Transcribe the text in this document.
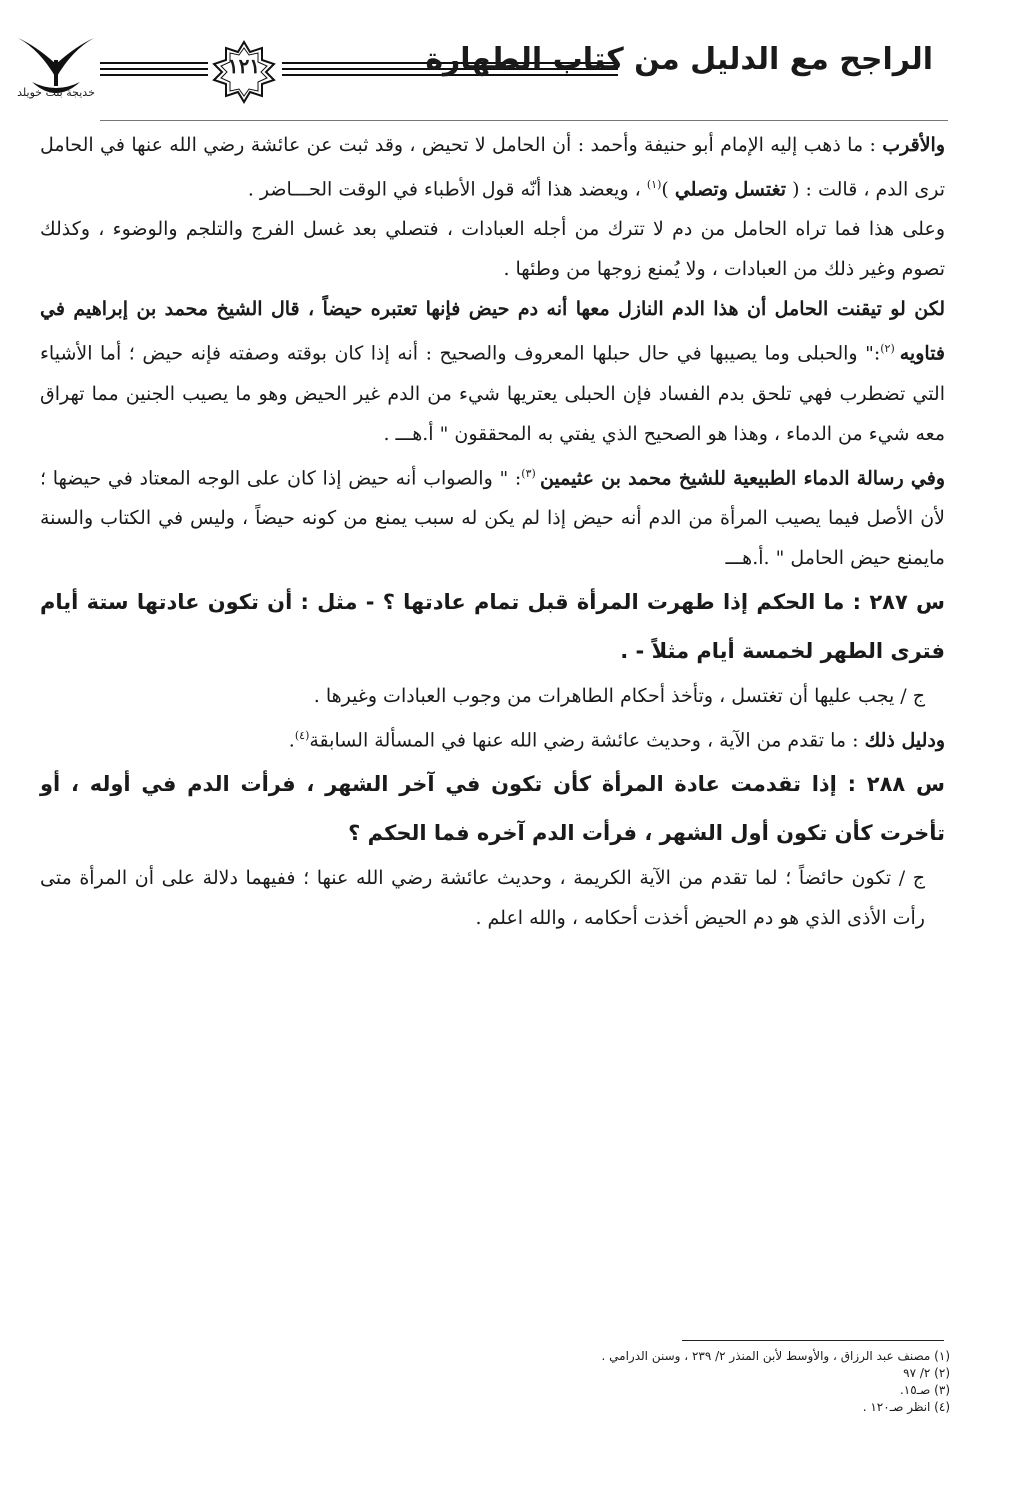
خديجة بنت خويلد
١٢١	الراجح مع الدليل من كتاب الطهارة

والأقرب : ما ذهب إليه الإمام أبو حنيفة وأحمد : أن الحامل لا تحيض ، وقد ثبت عن عائشة رضي الله عنها في الحامل ترى الدم ، قالت : ( تغتسل وتصلي )$^{(١)}$ ، ويعضد هذا أنّه قول الأطباء في الوقت الحـــاضر .

وعلى هذا فما تراه الحامل من دم لا تترك من أجله العبادات ، فتصلي بعد غسل الفرج والتلجم والوضوء ، وكذلك تصوم وغير ذلك من العبادات ، ولا يُمنع زوجها من وطئها .

لكن لو تيقنت الحامل أن هذا الدم النازل معها أنه دم حيض فإنها تعتبره حيضاً ، قال الشيخ محمد بن إبراهيم في فتاويه $^{(٢)}$:" والحبلى وما يصيبها في حال حبلها المعروف والصحيح : أنه إذا كان بوقته وصفته فإنه حيض ؛ أما الأشياء التي تضطرب فهي تلحق بدم الفساد فإن الحبلى يعتريها شيء من الدم غير الحيض وهو ما يصيب الجنين مما تهراق معه شيء من الدماء ، وهذا هو الصحيح الذي يفتي به المحققون " أ.هـــ .

وفي رسالة الدماء الطبيعية للشيخ محمد بن عثيمين $^{(٣)}$: " والصواب أنه حيض إذا كان على الوجه المعتاد في حيضها ؛ لأن الأصل فيما يصيب المرأة من الدم أنه حيض إذا لم يكن له سبب يمنع من كونه حيضاً ، وليس في الكتاب والسنة مايمنع حيض الحامل " .أ.هـــ

س ٢٨٧ : ما الحكم إذا طهرت المرأة قبل تمام عادتها ؟ - مثل : أن تكون عادتها ستة أيام فترى الطهر لخمسة أيام مثلاً - .

ج / يجب عليها أن تغتسل ، وتأخذ أحكام الطاهرات من وجوب العبادات وغيرها .

ودليل ذلك : ما تقدم من الآية ، وحديث عائشة رضي الله عنها في المسألة السابقة$^{(٤)}$.

س ٢٨٨ : إذا تقدمت عادة المرأة كأن تكون في آخر الشهر ، فرأت الدم في أوله ، أو تأخرت كأن تكون أول الشهر ، فرأت الدم آخره فما الحكم ؟

ج / تكون حائضاً ؛ لما تقدم من الآية الكريمة ، وحديث عائشة رضي الله عنها ؛ ففيهما دلالة على أن المرأة متى رأت الأذى الذي هو دم الحيض أخذت أحكامه ، والله اعلم .

(١) مصنف عبد الرزاق ، والأوسط لأبن المنذر ٢/ ٢٣٩ ، وسنن الدرامي .

(٢) ٢/ ٩٧

(٣) صـ١٥.

(٤) انظر صـ١٢٠ .
